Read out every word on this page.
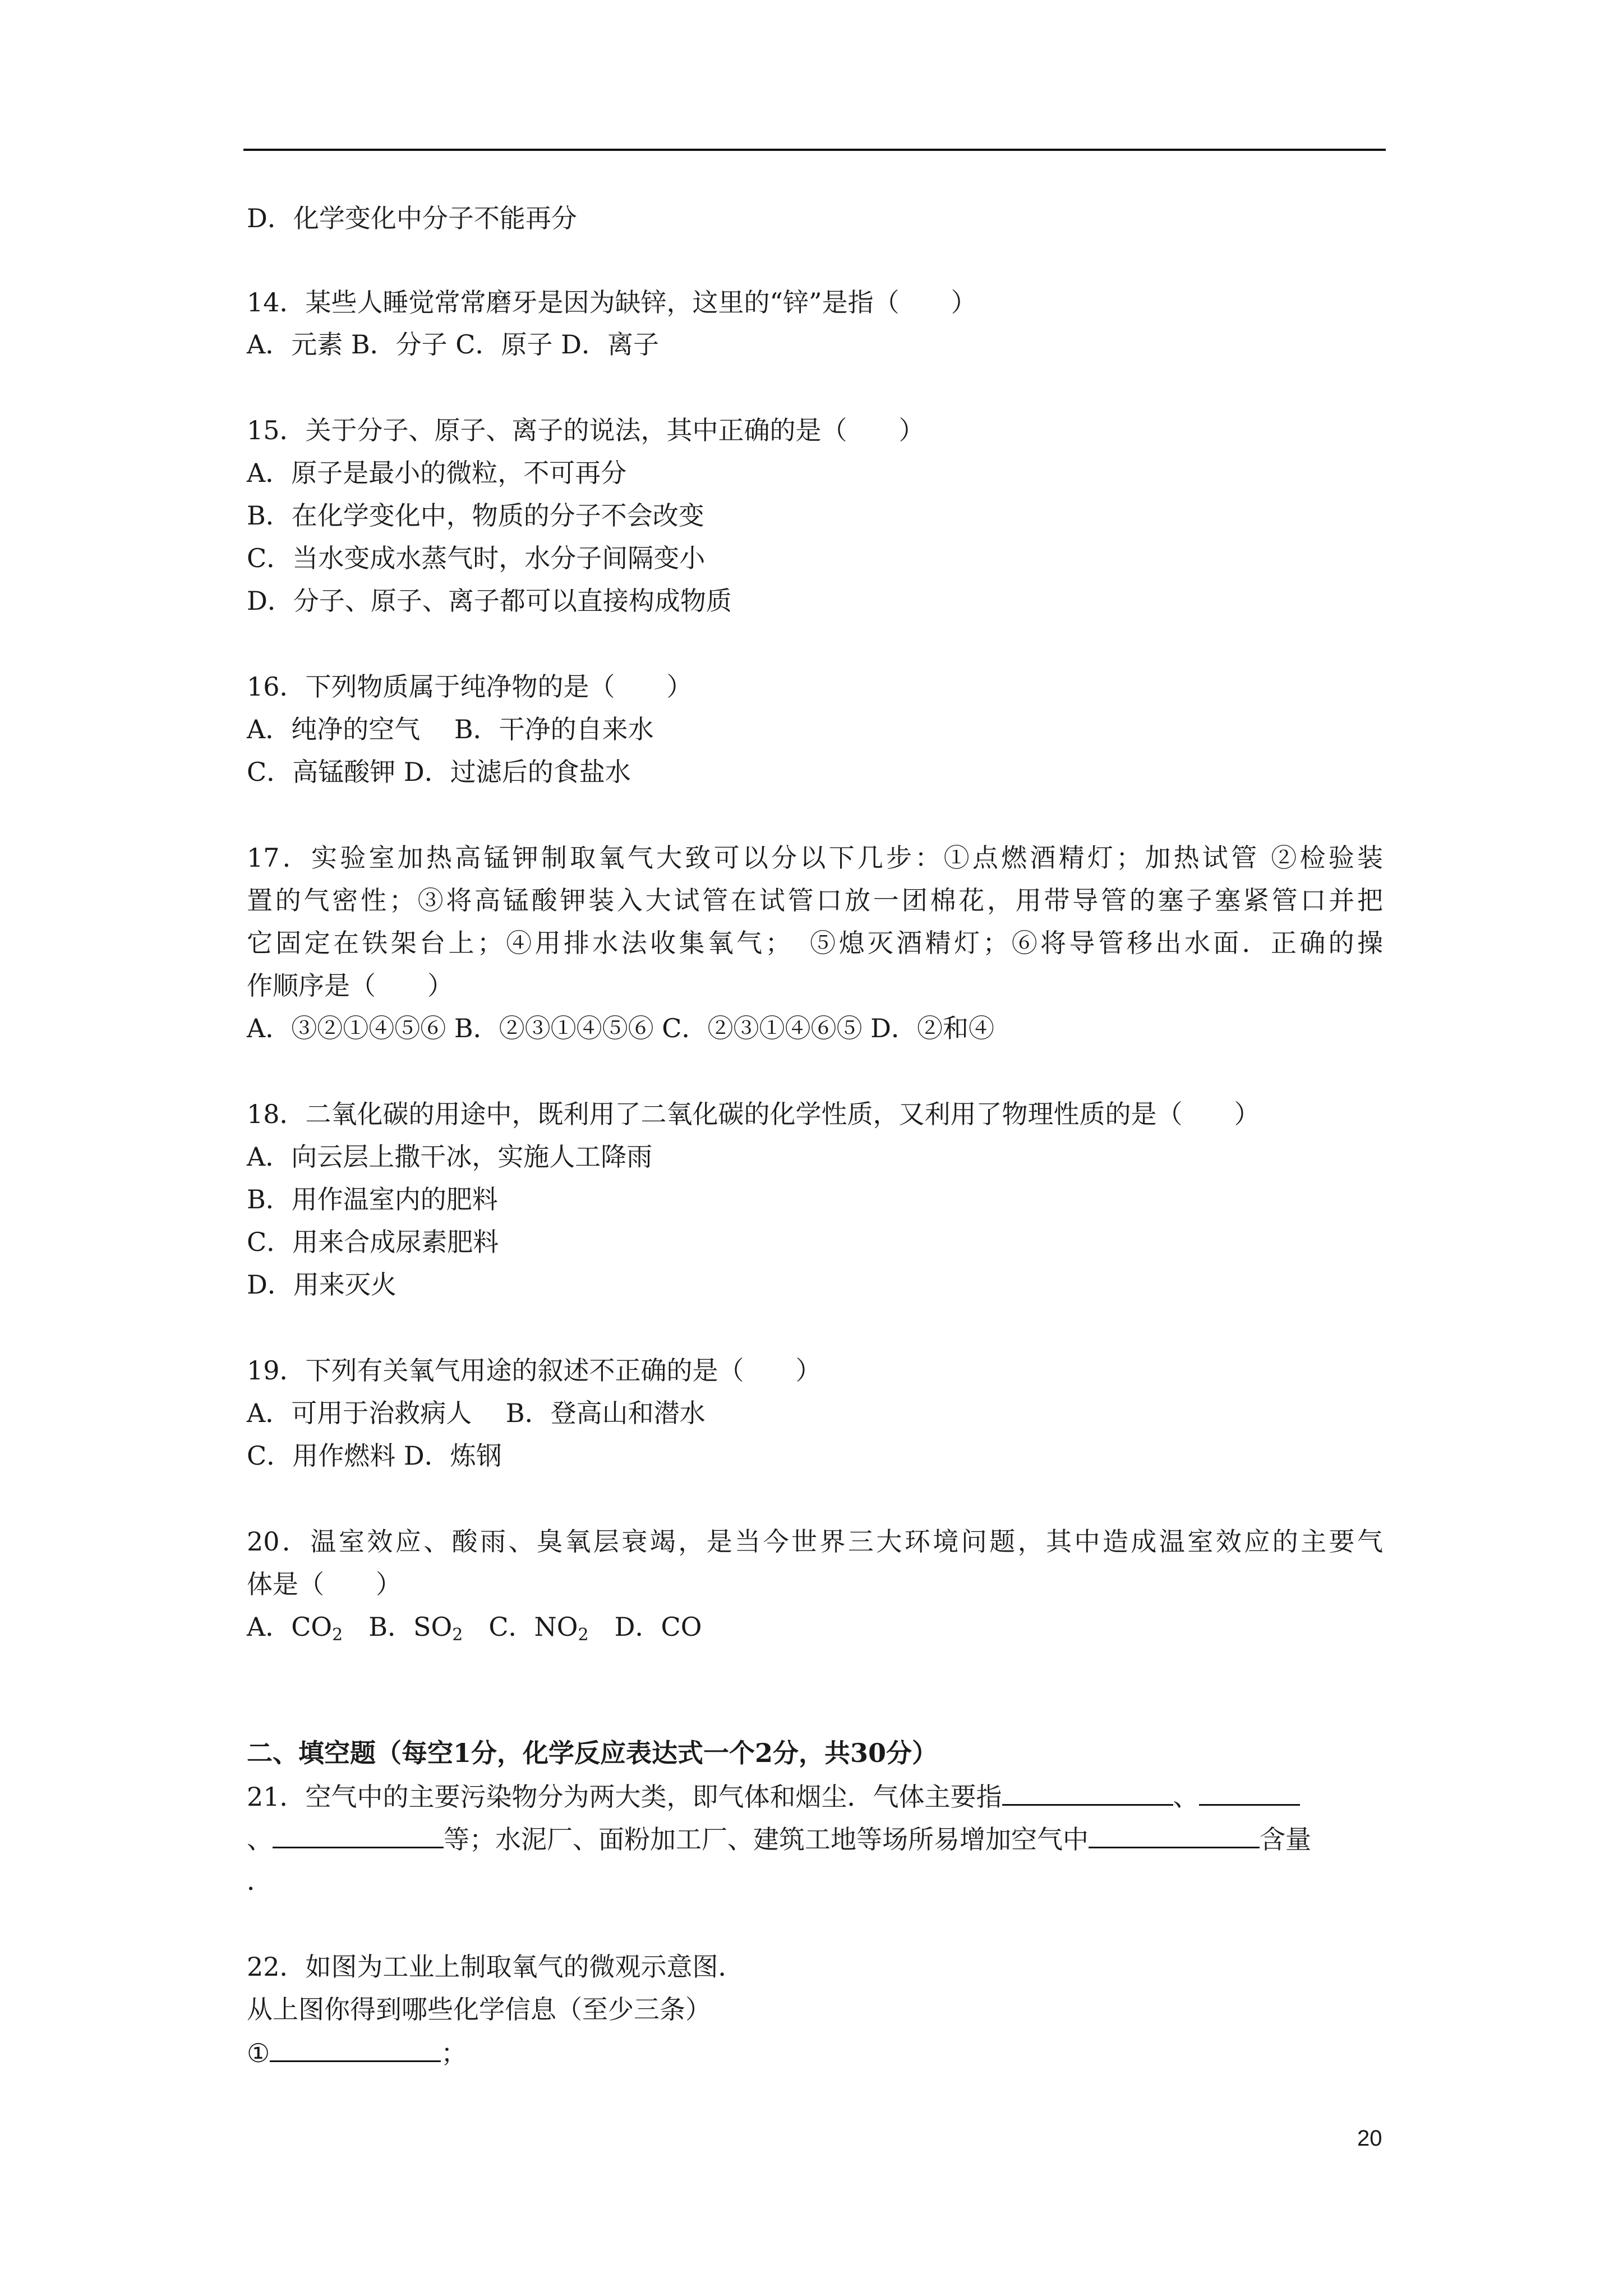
D．化学变化中分子不能再分
14．某些人睡觉常常磨牙是因为缺锌，这里的“锌”是指（　　）
A．元素 B．分子 C．原子 D．离子
15．关于分子、原子、离子的说法，其中正确的是（　　）
A．原子是最小的微粒，不可再分
B．在化学变化中，物质的分子不会改变
C．当水变成水蒸气时，水分子间隔变小
D．分子、原子、离子都可以直接构成物质
16．下列物质属于纯净物的是（　　）
A．纯净的空气　 B．干净的自来水
C．高锰酸钾 D．过滤后的食盐水
17．实验室加热高锰钾制取氧气大致可以分以下几步：①点燃酒精灯；加热试管 ②检验装
置的气密性；③将高锰酸钾装入大试管在试管口放一团棉花，用带导管的塞子塞紧管口并把
它固定在铁架台上；④用排水法收集氧气；　⑤熄灭酒精灯；⑥将导管移出水面．正确的操
作顺序是（　　）
A．③②①④⑤⑥ B．②③①④⑤⑥ C．②③①④⑥⑤ D．②和④
18．二氧化碳的用途中，既利用了二氧化碳的化学性质，又利用了物理性质的是（　　）
A．向云层上撒干冰，实施人工降雨
B．用作温室内的肥料
C．用来合成尿素肥料
D．用来灭火
19．下列有关氧气用途的叙述不正确的是（　　）
A．可用于治救病人　 B．登高山和潜水
C．用作燃料 D．炼钢
20．温室效应、酸雨、臭氧层衰竭，是当今世界三大环境问题，其中造成温室效应的主要气
体是（　　）
A．$CO_2$　B．$SO_2$　C．$NO_2$　D．CO
二、填空题（每空1分，化学反应表达式一个2分，共30分）
21．空气中的主要污染物分为两大类，即气体和烟尘．气体主要指	、
、	等；水泥厂、面粉加工厂、建筑工地等场所易增加空气中	含量
．
22．如图为工业上制取氧气的微观示意图．
从上图你得到哪些化学信息（至少三条）
①	；
20
